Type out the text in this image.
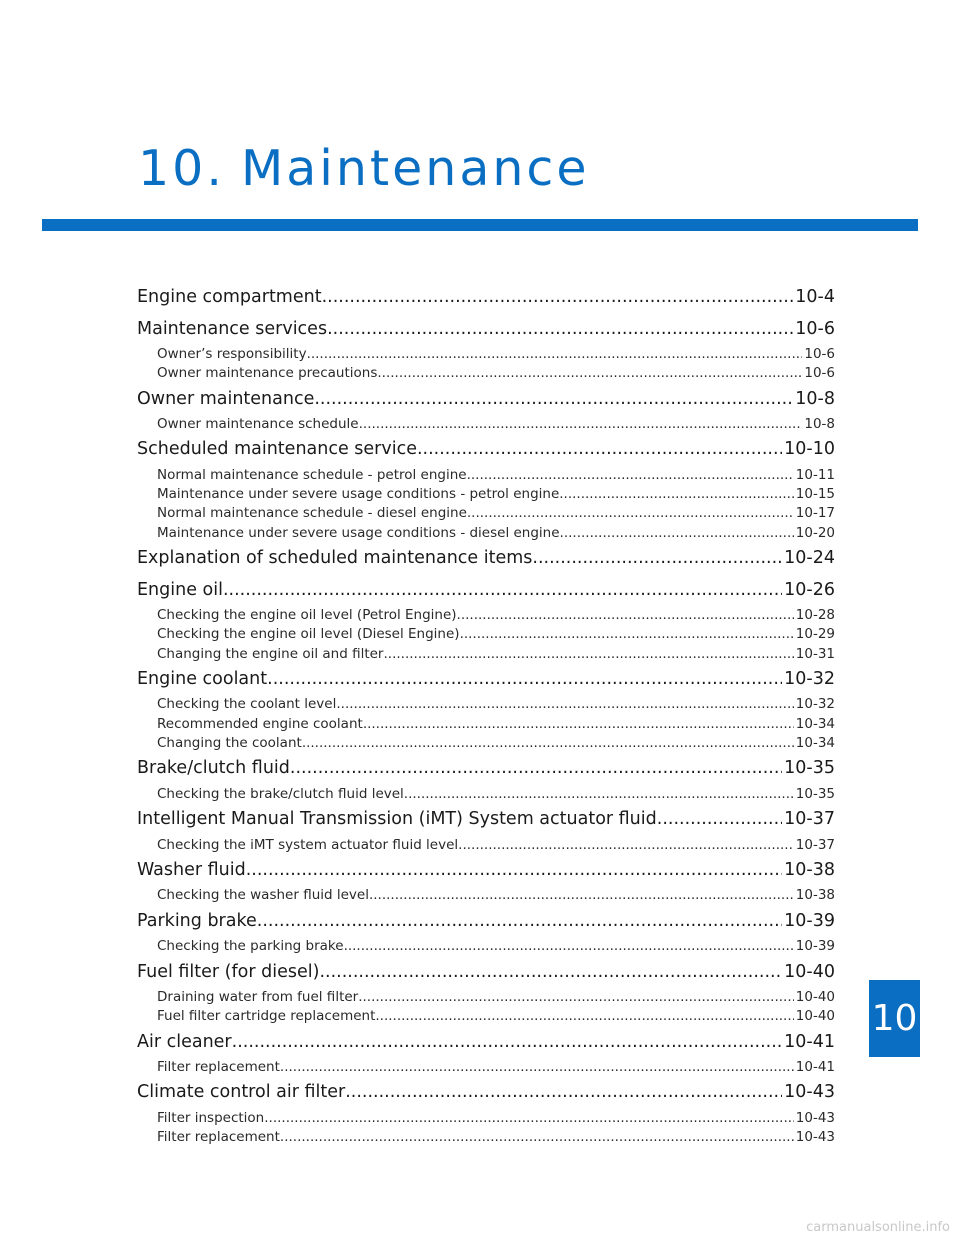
10. Maintenance
Engine compartment .....	10-4
Maintenance services .....	10-6
Owner’s responsibility .....	10-6
Owner maintenance precautions .....	10-6
Owner maintenance .....	10-8
Owner maintenance schedule .....	10-8
Scheduled maintenance service .....	10-10
Normal maintenance schedule - petrol engine .....	10-11
Maintenance under severe usage conditions - petrol engine .....	10-15
Normal maintenance schedule - diesel engine .....	10-17
Maintenance under severe usage conditions - diesel engine .....	10-20
Explanation of scheduled maintenance items .....	10-24
Engine oil .....	10-26
Checking the engine oil level (Petrol Engine) .....	10-28
Checking the engine oil level (Diesel Engine) .....	10-29
Changing the engine oil and filter .....	10-31
Engine coolant .....	10-32
Checking the coolant level .....	10-32
Recommended engine coolant .....	10-34
Changing the coolant .....	10-34
Brake/clutch fluid .....	10-35
Checking the brake/clutch fluid level .....	10-35
Intelligent Manual Transmission (iMT) System actuator fluid .....	10-37
Checking the iMT system actuator fluid level .....	10-37
Washer fluid .....	10-38
Checking the washer fluid level .....	10-38
Parking brake .....	10-39
Checking the parking brake .....	10-39
Fuel filter (for diesel) .....	10-40
Draining water from fuel filter .....	10-40
Fuel filter cartridge replacement .....	10-40
Air cleaner .....	10-41
Filter replacement .....	10-41
Climate control air filter .....	10-43
Filter inspection .....	10-43
Filter replacement .....	10-43
10
carmanualsonline.info
